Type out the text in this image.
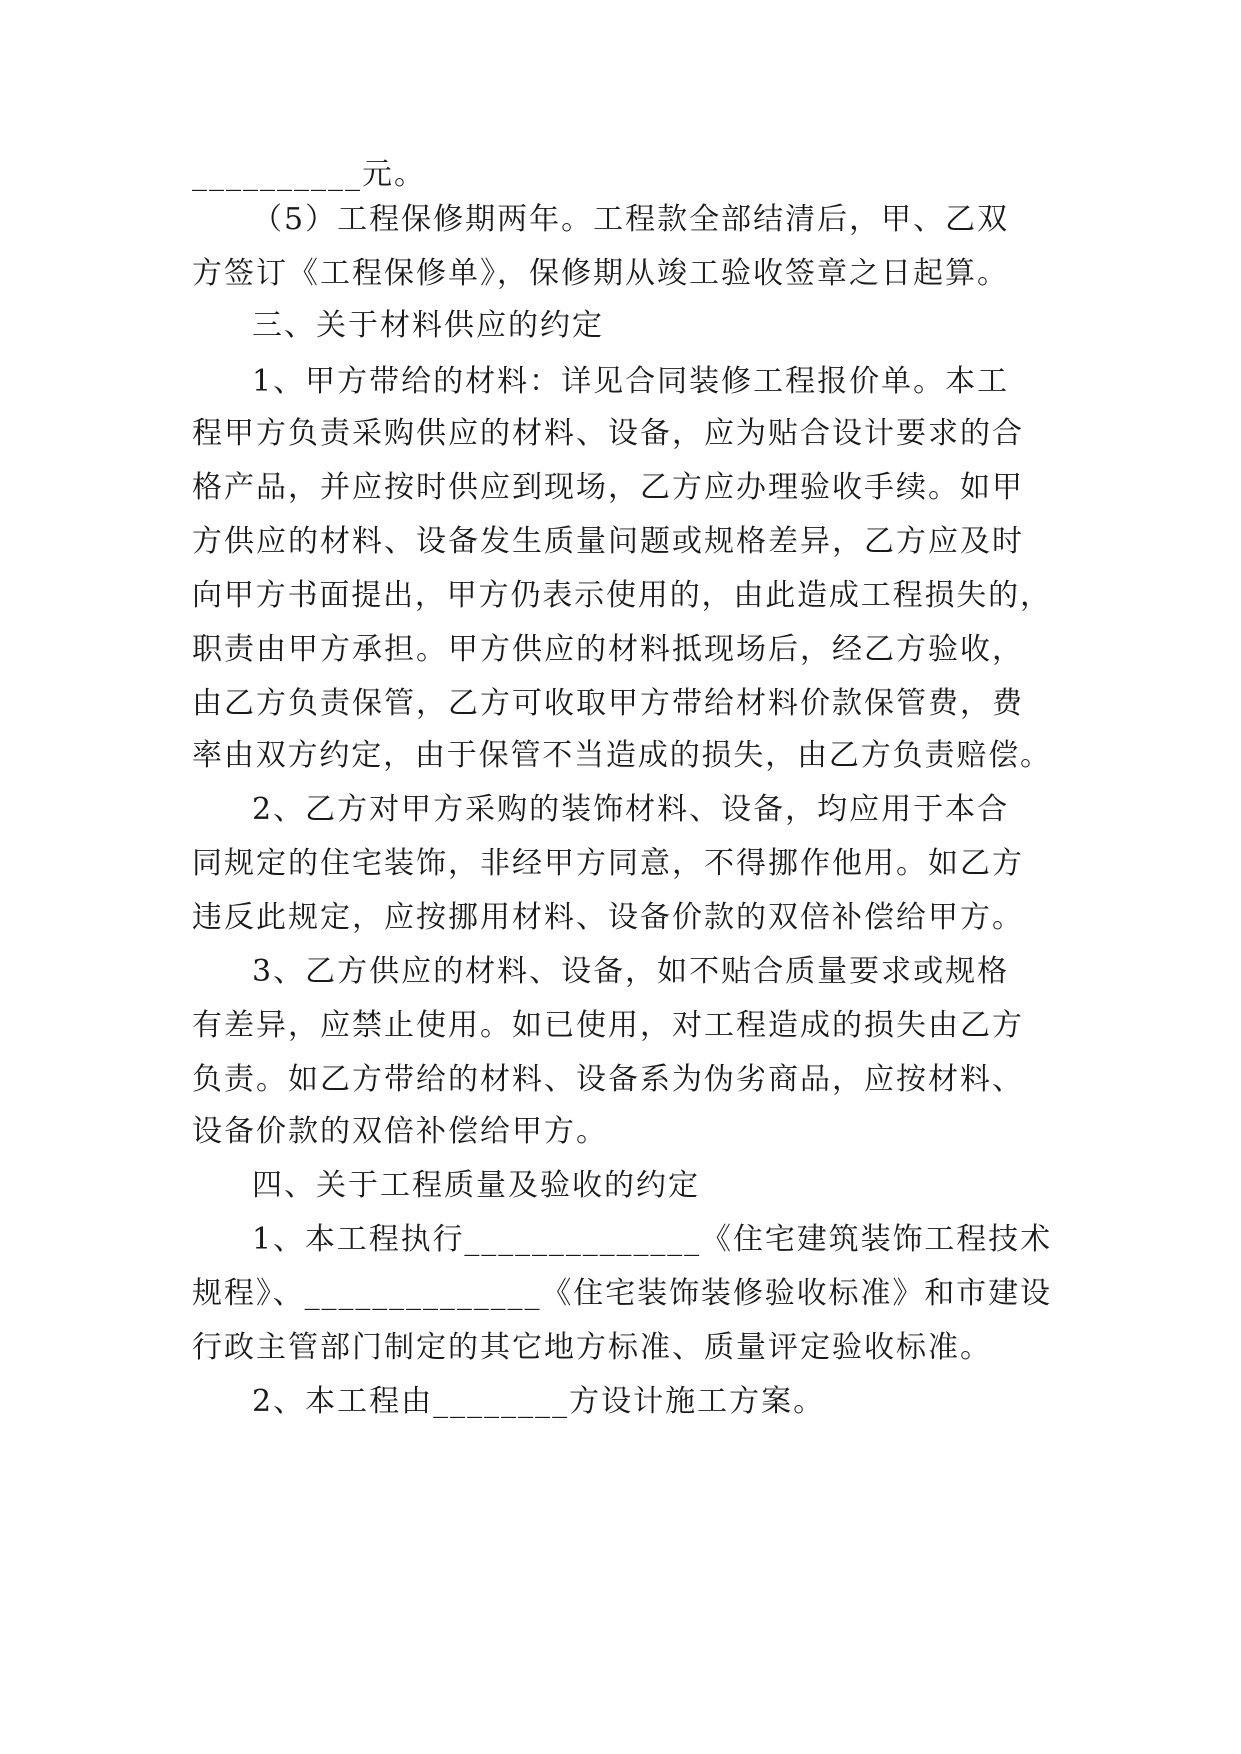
__________元。

（5）工程保修期两年。工程款全部结清后，甲、乙双

方签订《工程保修单》，保修期从竣工验收签章之日起算。

三、关于材料供应的约定

1、甲方带给的材料：详见合同装修工程报价单。本工

程甲方负责采购供应的材料、设备，应为贴合设计要求的合

格产品，并应按时供应到现场，乙方应办理验收手续。如甲

方供应的材料、设备发生质量问题或规格差异，乙方应及时

向甲方书面提出，甲方仍表示使用的，由此造成工程损失的，

职责由甲方承担。甲方供应的材料抵现场后，经乙方验收，

由乙方负责保管，乙方可收取甲方带给材料价款保管费，费

率由双方约定，由于保管不当造成的损失，由乙方负责赔偿。

2、乙方对甲方采购的装饰材料、设备，均应用于本合

同规定的住宅装饰，非经甲方同意，不得挪作他用。如乙方

违反此规定，应按挪用材料、设备价款的双倍补偿给甲方。

3、乙方供应的材料、设备，如不贴合质量要求或规格

有差异，应禁止使用。如已使用，对工程造成的损失由乙方

负责。如乙方带给的材料、设备系为伪劣商品，应按材料、

设备价款的双倍补偿给甲方。

四、关于工程质量及验收的约定

1、本工程执行______________《住宅建筑装饰工程技术

规程》、______________《住宅装饰装修验收标准》和市建设

行政主管部门制定的其它地方标准、质量评定验收标准。

2、本工程由________方设计施工方案。
